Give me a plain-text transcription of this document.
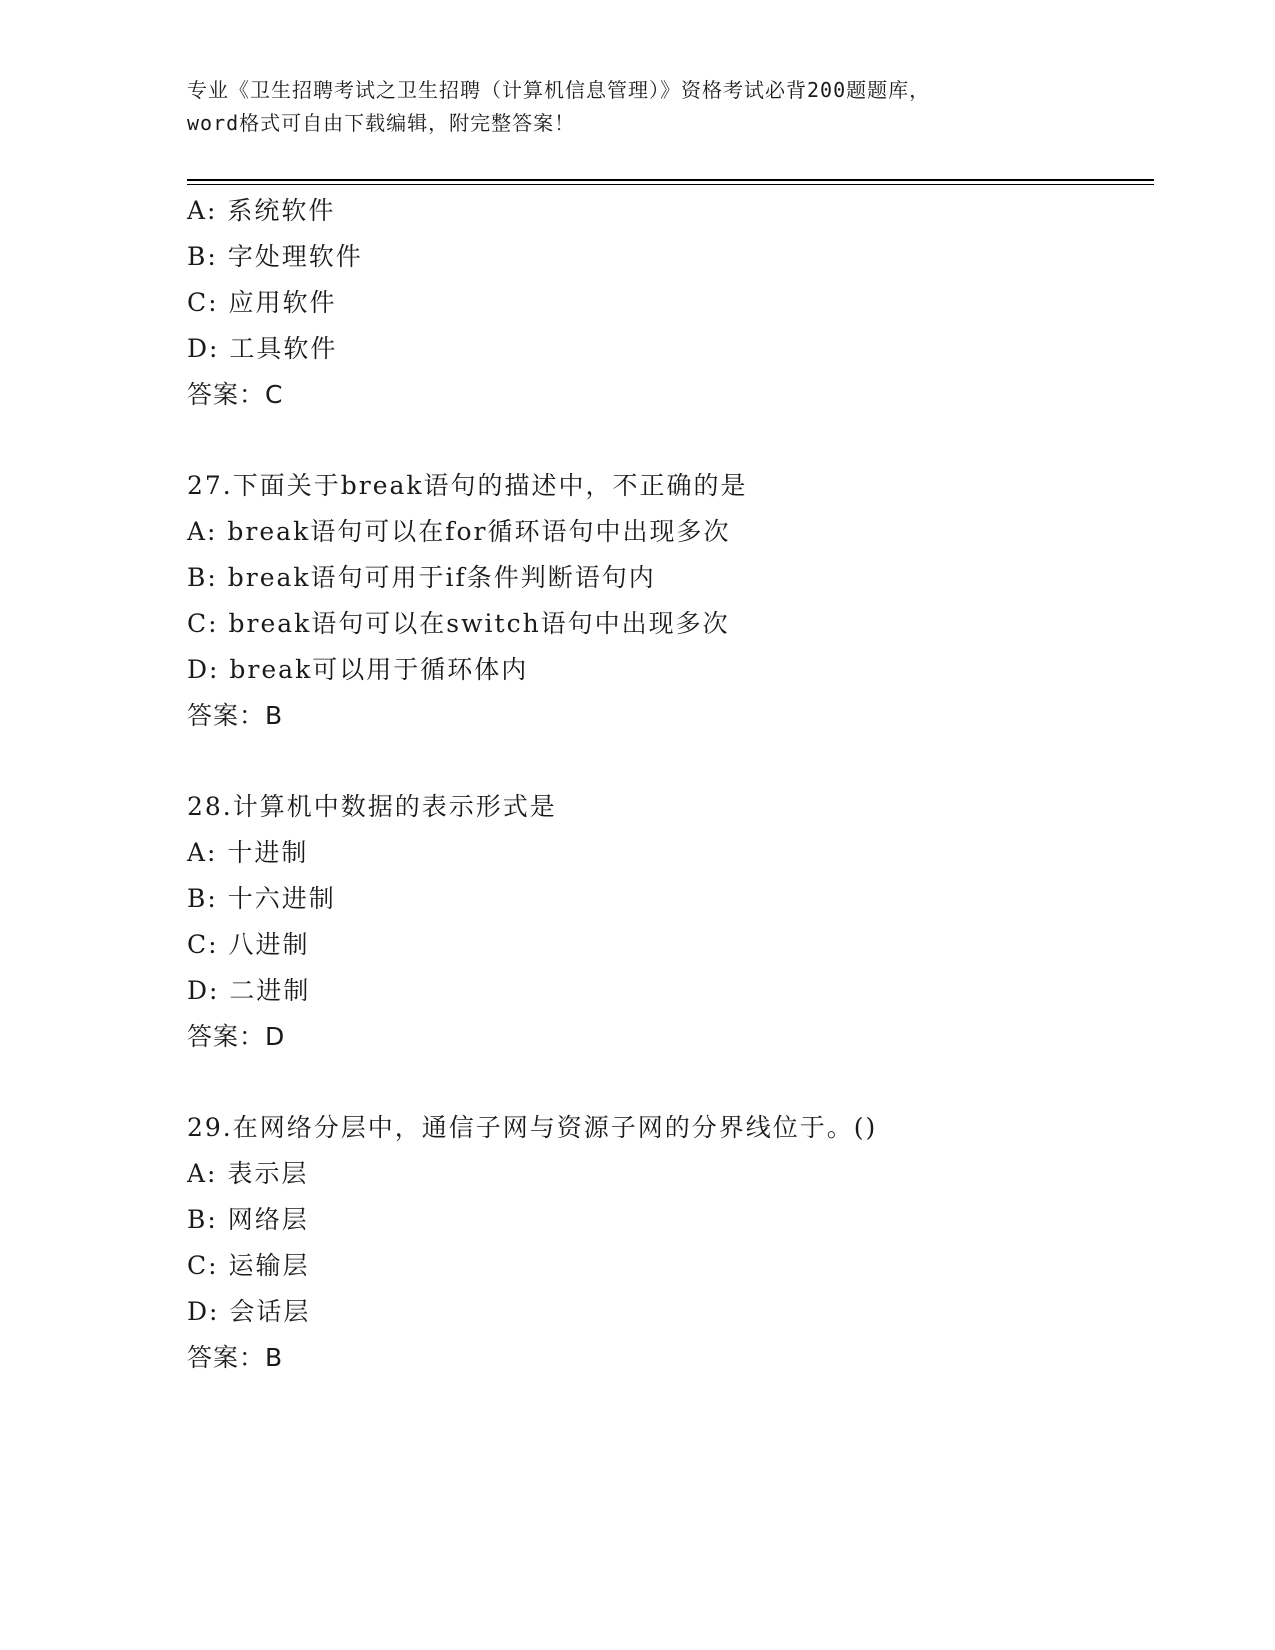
专业《卫生招聘考试之卫生招聘（计算机信息管理）》资格考试必背200题题库，
word格式可自由下载编辑，附完整答案！
A: 系统软件
B: 字处理软件
C: 应用软件
D: 工具软件
答案：C
27.下面关于break语句的描述中，不正确的是
A: break语句可以在for循环语句中出现多次
B: break语句可用于if条件判断语句内
C: break语句可以在switch语句中出现多次
D: break可以用于循环体内
答案：B
28.计算机中数据的表示形式是
A: 十进制
B: 十六进制
C: 八进制
D: 二进制
答案：D
29.在网络分层中，通信子网与资源子网的分界线位于。()
A: 表示层
B: 网络层
C: 运输层
D: 会话层
答案：B
